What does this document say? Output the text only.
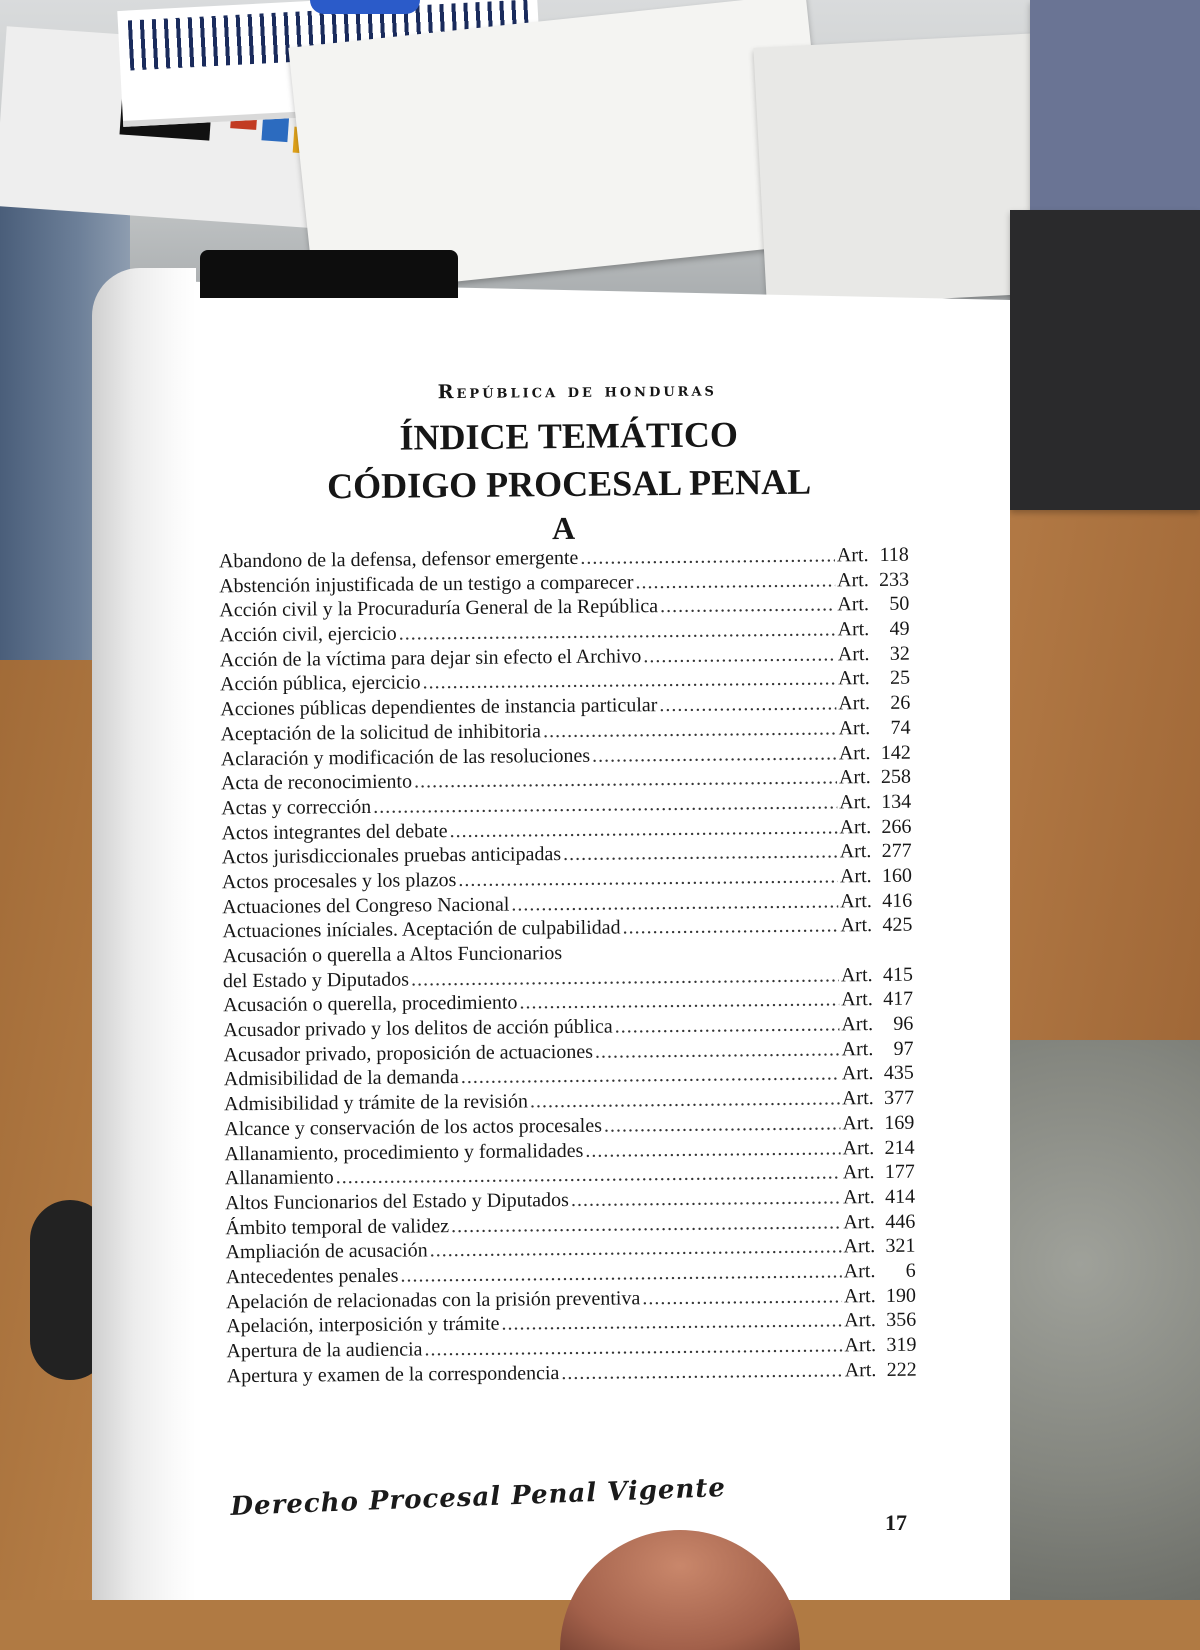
República de honduras
ÍNDICE TEMÁTICO
CÓDIGO PROCESAL PENAL
A
Abandono de la defensa, defensor emergente .....	Art. 118
Abstención injustificada de un testigo a comparecer .....	Art. 233
Acción civil y la Procuraduría General de la República .....	Art. 50
Acción civil, ejercicio .....	Art. 49
Acción de la víctima para dejar sin efecto el Archivo .....	Art. 32
Acción pública, ejercicio .....	Art. 25
Acciones públicas dependientes de instancia particular .....	Art. 26
Aceptación de la solicitud de inhibitoria .....	Art. 74
Aclaración y modificación de las resoluciones .....	Art. 142
Acta de reconocimiento .....	Art. 258
Actas y corrección .....	Art. 134
Actos integrantes del debate .....	Art. 266
Actos jurisdiccionales pruebas anticipadas .....	Art. 277
Actos procesales y los plazos .....	Art. 160
Actuaciones del Congreso Nacional .....	Art. 416
Actuaciones iníciales. Aceptación de culpabilidad .....	Art. 425
Acusación o querella a Altos Funcionarios
del Estado y Diputados .....	Art. 415
Acusación o querella, procedimiento .....	Art. 417
Acusador privado y los delitos de acción pública .....	Art. 96
Acusador privado, proposición de actuaciones .....	Art. 97
Admisibilidad de la demanda .....	Art. 435
Admisibilidad y trámite de la revisión .....	Art. 377
Alcance y conservación de los actos procesales .....	Art. 169
Allanamiento, procedimiento y formalidades .....	Art. 214
Allanamiento .....	Art. 177
Altos Funcionarios del Estado y Diputados .....	Art. 414
Ámbito temporal de validez .....	Art. 446
Ampliación de acusación .....	Art. 321
Antecedentes penales .....	Art. 6
Apelación de relacionadas con la prisión preventiva .....	Art. 190
Apelación, interposición y trámite .....	Art. 356
Apertura de la audiencia .....	Art. 319
Apertura y examen de la correspondencia .....	Art. 222
Derecho Procesal Penal Vigente
17
